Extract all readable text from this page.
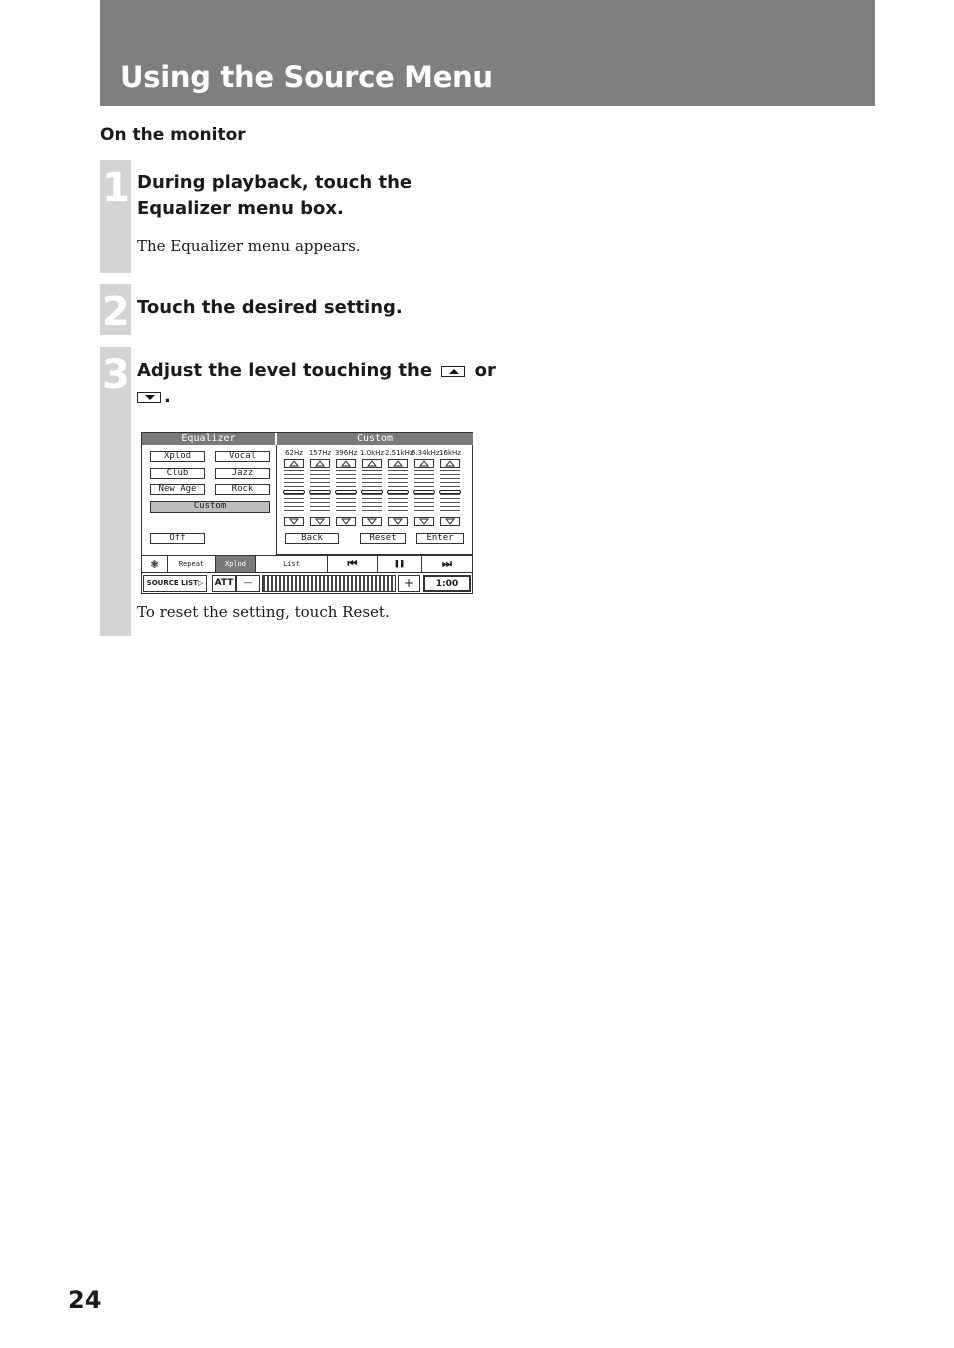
Using the Source Menu
On the monitor
1 During playback, touch the
Equalizer menu box.
The Equalizer menu appears.
2 Touch the desired setting.
3 Adjust the level touching the or
.
Equalizer	Custom
Xplod	Vocal
Club	Jazz
New Age	Rock
Custom
Off
62Hz 157Hz 396Hz 1.0kHz 2.51kHz
6.34kHz 16kHz
Back	Reset	Enter
❃	Repeat	Xplod	List	⏮	❚❚	⏭
SOURCE LIST▷	ATT	—	+	1:00
To reset the setting, touch Reset.
24
